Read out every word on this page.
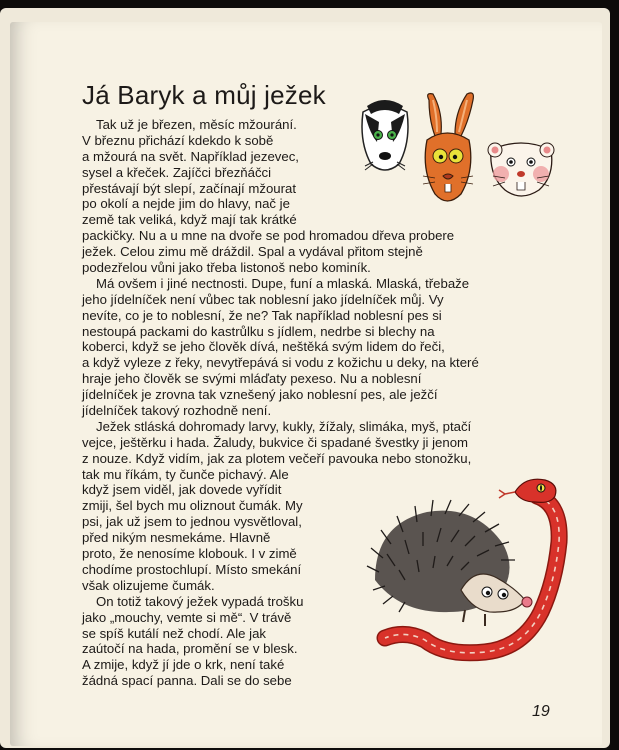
Já Baryk a můj ježek
Tak už je březen, měsíc mžourání.
V březnu přichází kdekdo k sobě
a mžourá na svět. Například jezevec,
sysel a křeček. Zajíčci březňáčci
přestávají být slepí, začínají mžourat
po okolí a nejde jim do hlavy, nač je
země tak veliká, když mají tak krátké
packičky. Nu a u mne na dvoře se pod hromadou dřeva probere
ježek. Celou zimu mě dráždil. Spal a vydával přitom stejně
podezřelou vůni jako třeba listonoš nebo kominík.
Má ovšem i jiné nectnosti. Dupe, funí a mlaská. Mlaská, třebaže
jeho jídelníček není vůbec tak noblesní jako jídelníček můj. Vy
nevíte, co je to noblesní, že ne? Tak například noblesní pes si
nestoupá packami do kastrůlku s jídlem, nedrbe si blechy na
koberci, když se jeho člověk dívá, neštěká svým lidem do řeči,
a když vyleze z řeky, nevytřepává si vodu z kožichu u deky, na které
hraje jeho člověk se svými mláďaty pexeso. Nu a noblesní
jídelníček je zrovna tak vznešený jako noblesní pes, ale ježčí
jídelníček takový rozhodně není.
Ježek stláská dohromady larvy, kukly, žížaly, slimáka, myš, ptačí
vejce, ještěrku i hada. Žaludy, bukvice či spadané švestky ji jenom
z nouze. Když vidím, jak za plotem večeří pavouka nebo stonožku,
tak mu říkám, ty čunče pichavý. Ale
když jsem viděl, jak dovede vyřídit
zmiji, šel bych mu oliznout čumák. My
psi, jak už jsem to jednou vysvětloval,
před nikým nesmekáme. Hlavně
proto, že nenosíme klobouk. I v zimě
chodíme prostochlupí. Místo smekání
však olizujeme čumák.
On totiž takový ježek vypadá trošku
jako „mouchy, vemte si mě“. V trávě
se spíš kutálí než chodí. Ale jak
zaútočí na hada, promění se v blesk.
A zmije, když jí jde o krk, není také
žádná spací panna. Dali se do sebe
19
